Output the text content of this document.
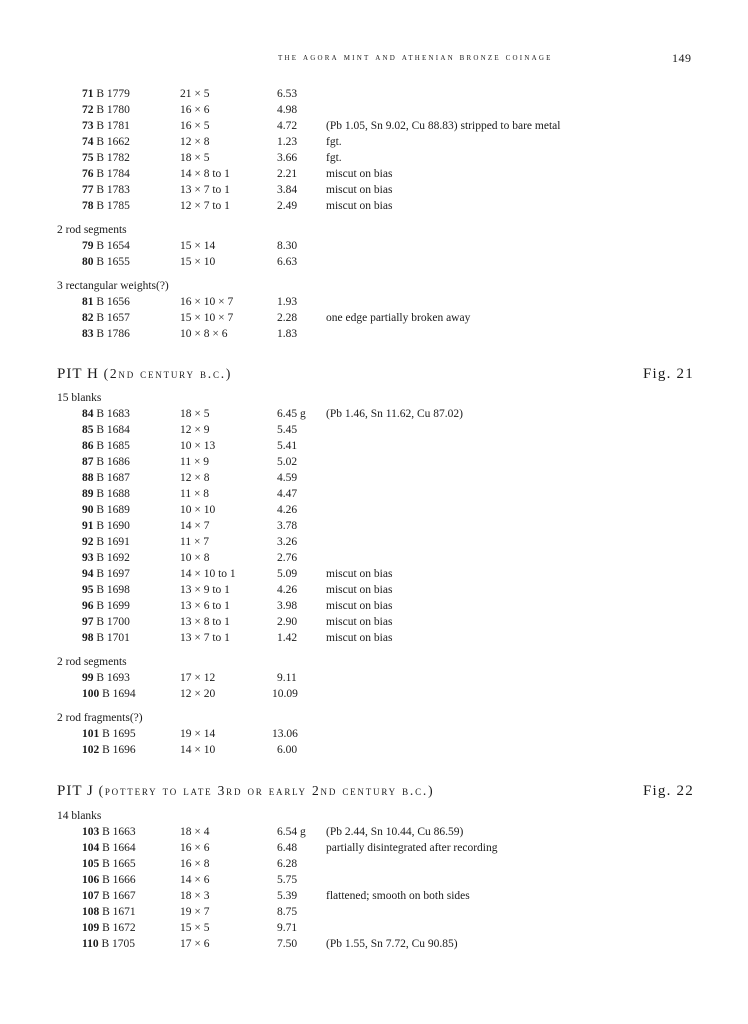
the agora mint and athenian bronze coinage	149
71 B 1779	21 × 5	6.53
72 B 1780	16 × 6	4.98
73 B 1781	16 × 5	4.72	(Pb 1.05, Sn 9.02, Cu 88.83) stripped to bare metal
74 B 1662	12 × 8	1.23	fgt.
75 B 1782	18 × 5	3.66	fgt.
76 B 1784	14 × 8 to 1	2.21	miscut on bias
77 B 1783	13 × 7 to 1	3.84	miscut on bias
78 B 1785	12 × 7 to 1	2.49	miscut on bias
2 rod segments
79 B 1654	15 × 14	8.30
80 B 1655	15 × 10	6.63
3 rectangular weights(?)
81 B 1656	16 × 10 × 7	1.93
82 B 1657	15 × 10 × 7	2.28	one edge partially broken away
83 B 1786	10 × 8 × 6	1.83
PIT H (2nd century b.c.)	Fig. 21
15 blanks
84 B 1683	18 × 5	6.45 g (Pb 1.46, Sn 11.62, Cu 87.02)
85 B 1684	12 × 9	5.45
86 B 1685	10 × 13	5.41
87 B 1686	11 × 9	5.02
88 B 1687	12 × 8	4.59
89 B 1688	11 × 8	4.47
90 B 1689	10 × 10	4.26
91 B 1690	14 × 7	3.78
92 B 1691	11 × 7	3.26
93 B 1692	10 × 8	2.76
94 B 1697	14 × 10 to 1	5.09	miscut on bias
95 B 1698	13 × 9 to 1	4.26	miscut on bias
96 B 1699	13 × 6 to 1	3.98	miscut on bias
97 B 1700	13 × 8 to 1	2.90	miscut on bias
98 B 1701	13 × 7 to 1	1.42	miscut on bias
2 rod segments
99 B 1693	17 × 12	9.11
100 B 1694	12 × 20	10.09
2 rod fragments(?)
101 B 1695	19 × 14	13.06
102 B 1696	14 × 10	6.00
PIT J (pottery to late 3rd or early 2nd century b.c.)	Fig. 22
14 blanks
103 B 1663	18 × 4	6.54 g (Pb 2.44, Sn 10.44, Cu 86.59)
104 B 1664	16 × 6	6.48	partially disintegrated after recording
105 B 1665	16 × 8	6.28
106 B 1666	14 × 6	5.75
107 B 1667	18 × 3	5.39	flattened; smooth on both sides
108 B 1671	19 × 7	8.75
109 B 1672	15 × 5	9.71
110 B 1705	17 × 6	7.50	(Pb 1.55, Sn 7.72, Cu 90.85)
